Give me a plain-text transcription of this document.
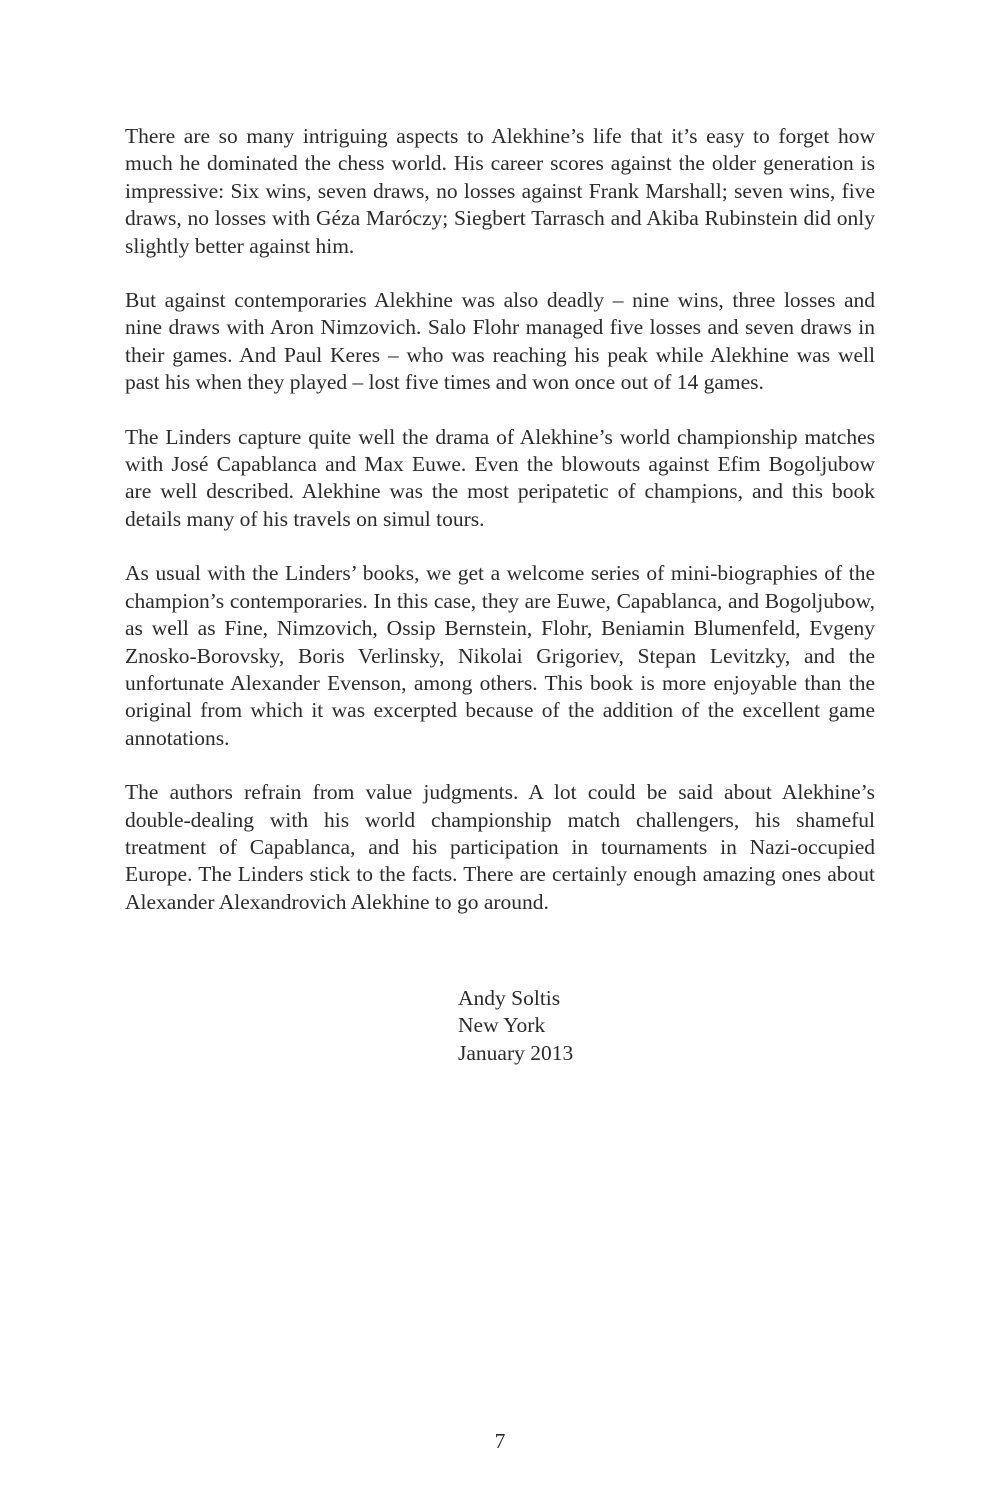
There are so many intriguing aspects to Alekhine’s life that it’s easy to forget how much he dominated the chess world. His career scores against the older generation is impressive: Six wins, seven draws, no losses against Frank Marshall; seven wins, five draws, no losses with Géza Maróczy; Siegbert Tarrasch and Akiba Rubinstein did only slightly better against him.

But against contemporaries Alekhine was also deadly – nine wins, three losses and nine draws with Aron Nimzovich. Salo Flohr managed five losses and seven draws in their games. And Paul Keres – who was reaching his peak while Alekhine was well past his when they played – lost five times and won once out of 14 games.

The Linders capture quite well the drama of Alekhine’s world championship matches with José Capablanca and Max Euwe. Even the blowouts against Efim Bogoljubow are well described. Alekhine was the most peripatetic of champions, and this book details many of his travels on simul tours.

As usual with the Linders’ books, we get a welcome series of mini-biographies of the champion’s contemporaries. In this case, they are Euwe, Capablanca, and Bogoljubow, as well as Fine, Nimzovich, Ossip Bernstein, Flohr, Beniamin Blumenfeld, Evgeny Znosko-Borovsky, Boris Verlinsky, Nikolai Grigoriev, Stepan Levitzky, and the unfortunate Alexander Evenson, among others. This book is more enjoyable than the original from which it was excerpted because of the addition of the excellent game annotations.

The authors refrain from value judgments. A lot could be said about Alekhine’s double-dealing with his world championship match challengers, his shameful treatment of Capablanca, and his participation in tournaments in Nazi-occupied Europe. The Linders stick to the facts. There are certainly enough amazing ones about Alexander Alexandrovich Alekhine to go around.

Andy Soltis
New York
January 2013
7
